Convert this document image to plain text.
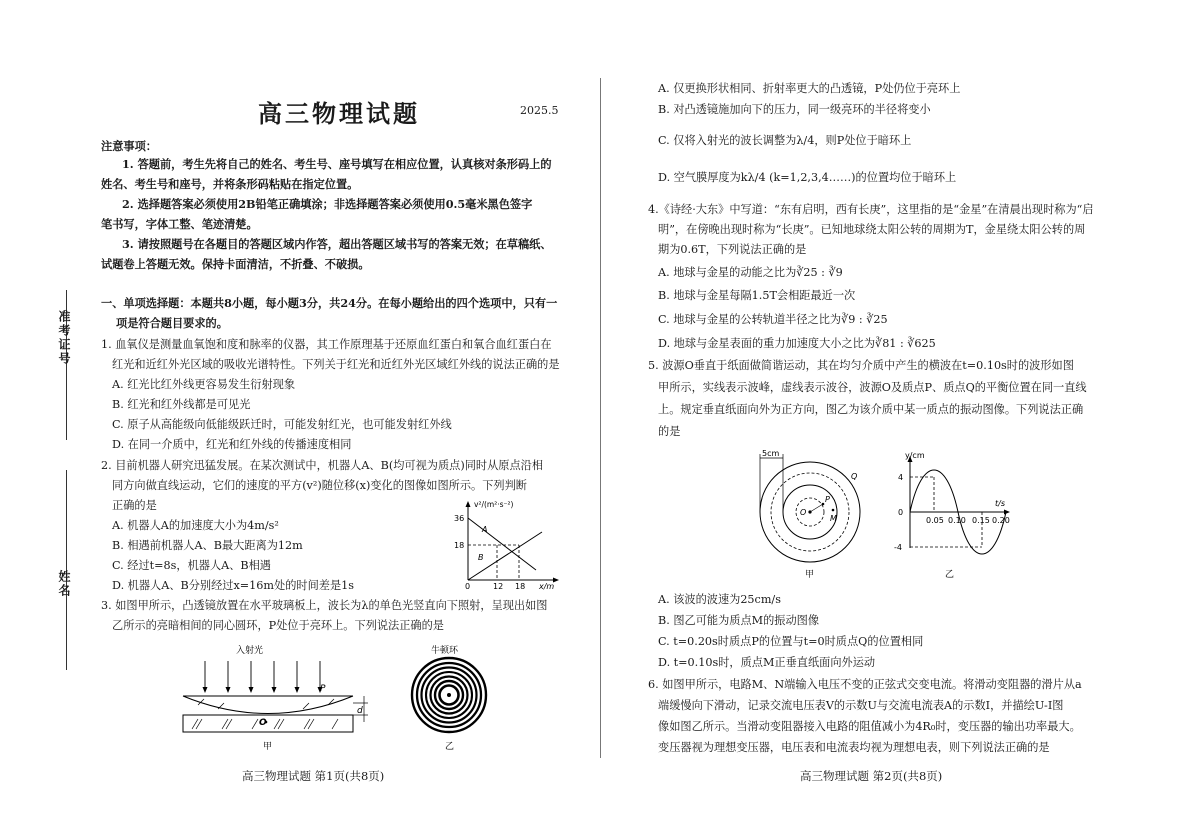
准考证号
姓名
高三物理试题	2025.5
注意事项：
1. 答题前，考生先将自己的姓名、考生号、座号填写在相应位置，认真核对条形码上的
姓名、考生号和座号，并将条形码粘贴在指定位置。
2. 选择题答案必须使用2B铅笔正确填涂；非选择题答案必须使用0.5毫米黑色签字
笔书写，字体工整、笔迹清楚。
3. 请按照题号在各题目的答题区域内作答，超出答题区域书写的答案无效；在草稿纸、
试题卷上答题无效。保持卡面清洁，不折叠、不破损。
一、单项选择题：本题共8小题，每小题3分，共24分。在每小题给出的四个选项中，只有一
项是符合题目要求的。
1. 血氧仪是测量血氧饱和度和脉率的仪器，其工作原理基于还原血红蛋白和氧合血红蛋白在
红光和近红外光区域的吸收光谱特性。下列关于红光和近红外光区域红外线的说法正确的是
A. 红光比红外线更容易发生衍射现象
B. 红光和红外线都是可见光
C. 原子从高能级向低能级跃迁时，可能发射红光，也可能发射红外线
D. 在同一介质中，红光和红外线的传播速度相同
2. 目前机器人研究迅猛发展。在某次测试中，机器人A、B(均可视为质点)同时从原点沿相
同方向做直线运动，它们的速度的平方(v²)随位移(x)变化的图像如图所示。下列判断
正确的是
A. 机器人A的加速度大小为4m/s²
B. 相遇前机器人A、B最大距离为12m
C. 经过t=8s，机器人A、B相遇
D. 机器人A、B分别经过x=16m处的时间差是1s
v²/(m²·s⁻²)
x/m
36
18
0	12 18
A
B
3. 如图甲所示，凸透镜放置在水平玻璃板上，波长为λ的单色光竖直向下照射，呈现出如图
乙所示的亮暗相间的同心圆环，P处位于亮环上。下列说法正确的是
入射光
O
P
d
甲
牛顿环
乙
高三物理试题 第1页(共8页)
A. 仅更换形状相同、折射率更大的凸透镜，P处仍位于亮环上
B. 对凸透镜施加向下的压力，同一级亮环的半径将变小
C. 仅将入射光的波长调整为λ/4，则P处位于暗环上
D. 空气膜厚度为kλ/4 (k=1,2,3,4……)的位置均位于暗环上
4.《诗经·大东》中写道：“东有启明，西有长庚”，这里指的是“金星”在清晨出现时称为“启
明”，在傍晚出现时称为“长庚”。已知地球绕太阳公转的周期为T，金星绕太阳公转的周
期为0.6T，下列说法正确的是
A. 地球与金星的动能之比为∛25 : ∛9
B. 地球与金星每隔1.5T会相距最近一次
C. 地球与金星的公转轨道半径之比为∛9 : ∛25
D. 地球与金星表面的重力加速度大小之比为∛81 : ∛625
5. 波源O垂直于纸面做简谐运动，其在均匀介质中产生的横波在t=0.10s时的波形如图
甲所示，实线表示波峰，虚线表示波谷，波源O及质点P、质点Q的平衡位置在同一直线
上。规定垂直纸面向外为正方向，图乙为该介质中某一质点的振动图像。下列说法正确
的是
5cm
O
P
M
Q
甲
y/cm
t/s
4
0
-4
0.05 0.10 0.15 0.20
乙
A. 该波的波速为25cm/s
B. 图乙可能为质点M的振动图像
C. t=0.20s时质点P的位置与t=0时质点Q的位置相同
D. t=0.10s时，质点M正垂直纸面向外运动
6. 如图甲所示，电路M、N端输入电压不变的正弦式交变电流。将滑动变阻器的滑片从a
端缓慢向下滑动，记录交流电压表V的示数U与交流电流表A的示数I，并描绘U-I图
像如图乙所示。当滑动变阻器接入电路的阻值减小为4R₀时，变压器的输出功率最大。
变压器视为理想变压器，电压表和电流表均视为理想电表，则下列说法正确的是
高三物理试题 第2页(共8页)
